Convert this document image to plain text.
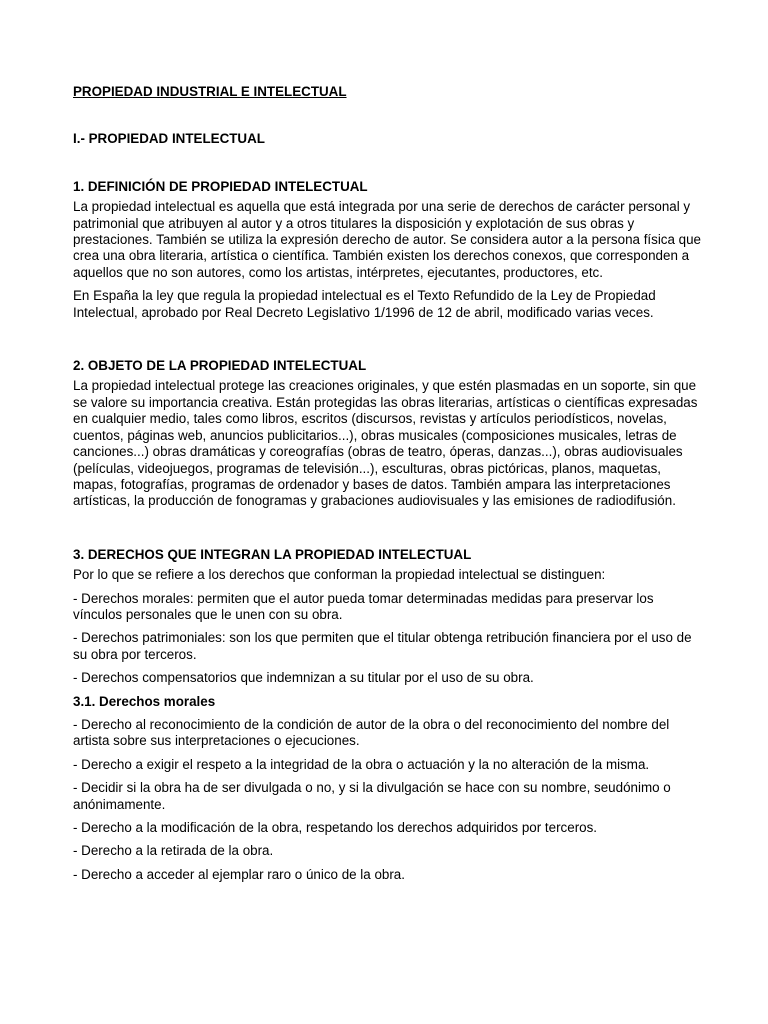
PROPIEDAD INDUSTRIAL E INTELECTUAL
I.- PROPIEDAD INTELECTUAL
1. DEFINICIÓN DE PROPIEDAD INTELECTUAL

La propiedad intelectual es aquella que está integrada por una serie de derechos de carácter personal y patrimonial que atribuyen al autor y a otros titulares la disposición y explotación de sus obras y prestaciones. También se utiliza la expresión derecho de autor. Se considera autor a la persona física que crea una obra literaria, artística o científica. También existen los derechos conexos, que corresponden a aquellos que no son autores, como los artistas, intérpretes, ejecutantes, productores, etc.

En España la ley que regula la propiedad intelectual es el Texto Refundido de la Ley de Propiedad Intelectual, aprobado por Real Decreto Legislativo 1/1996 de 12 de abril, modificado varias veces.

2. OBJETO DE LA PROPIEDAD INTELECTUAL

La propiedad intelectual protege las creaciones originales, y que estén plasmadas en un soporte, sin que se valore su importancia creativa. Están protegidas las obras literarias, artísticas o científicas expresadas en cualquier medio, tales como libros, escritos (discursos, revistas y artículos periodísticos, novelas, cuentos, páginas web, anuncios publicitarios...), obras musicales (composiciones musicales, letras de canciones...) obras dramáticas y coreografías (obras de teatro, óperas, danzas...), obras audiovisuales (películas, videojuegos, programas de televisión...), esculturas, obras pictóricas, planos, maquetas, mapas, fotografías, programas de ordenador y bases de datos. También ampara las interpretaciones artísticas, la producción de fonogramas y grabaciones audiovisuales y las emisiones de radiodifusión.

3. DERECHOS QUE INTEGRAN LA PROPIEDAD INTELECTUAL

Por lo que se refiere a los derechos que conforman la propiedad intelectual se distinguen:

- Derechos morales: permiten que el autor pueda tomar determinadas medidas para preservar los vínculos personales que le unen con su obra.

- Derechos patrimoniales: son los que permiten que el titular obtenga retribución financiera por el uso de su obra por terceros.

- Derechos compensatorios que indemnizan a su titular por el uso de su obra.

3.1. Derechos morales

- Derecho al reconocimiento de la condición de autor de la obra o del reconocimiento del nombre del artista sobre sus interpretaciones o ejecuciones.

- Derecho a exigir el respeto a la integridad de la obra o actuación y la no alteración de la misma.

- Decidir si la obra ha de ser divulgada o no, y si la divulgación se hace con su nombre, seudónimo o anónimamente.

- Derecho a la modificación de la obra, respetando los derechos adquiridos por terceros.

- Derecho a la retirada de la obra.

- Derecho a acceder al ejemplar raro o único de la obra.
